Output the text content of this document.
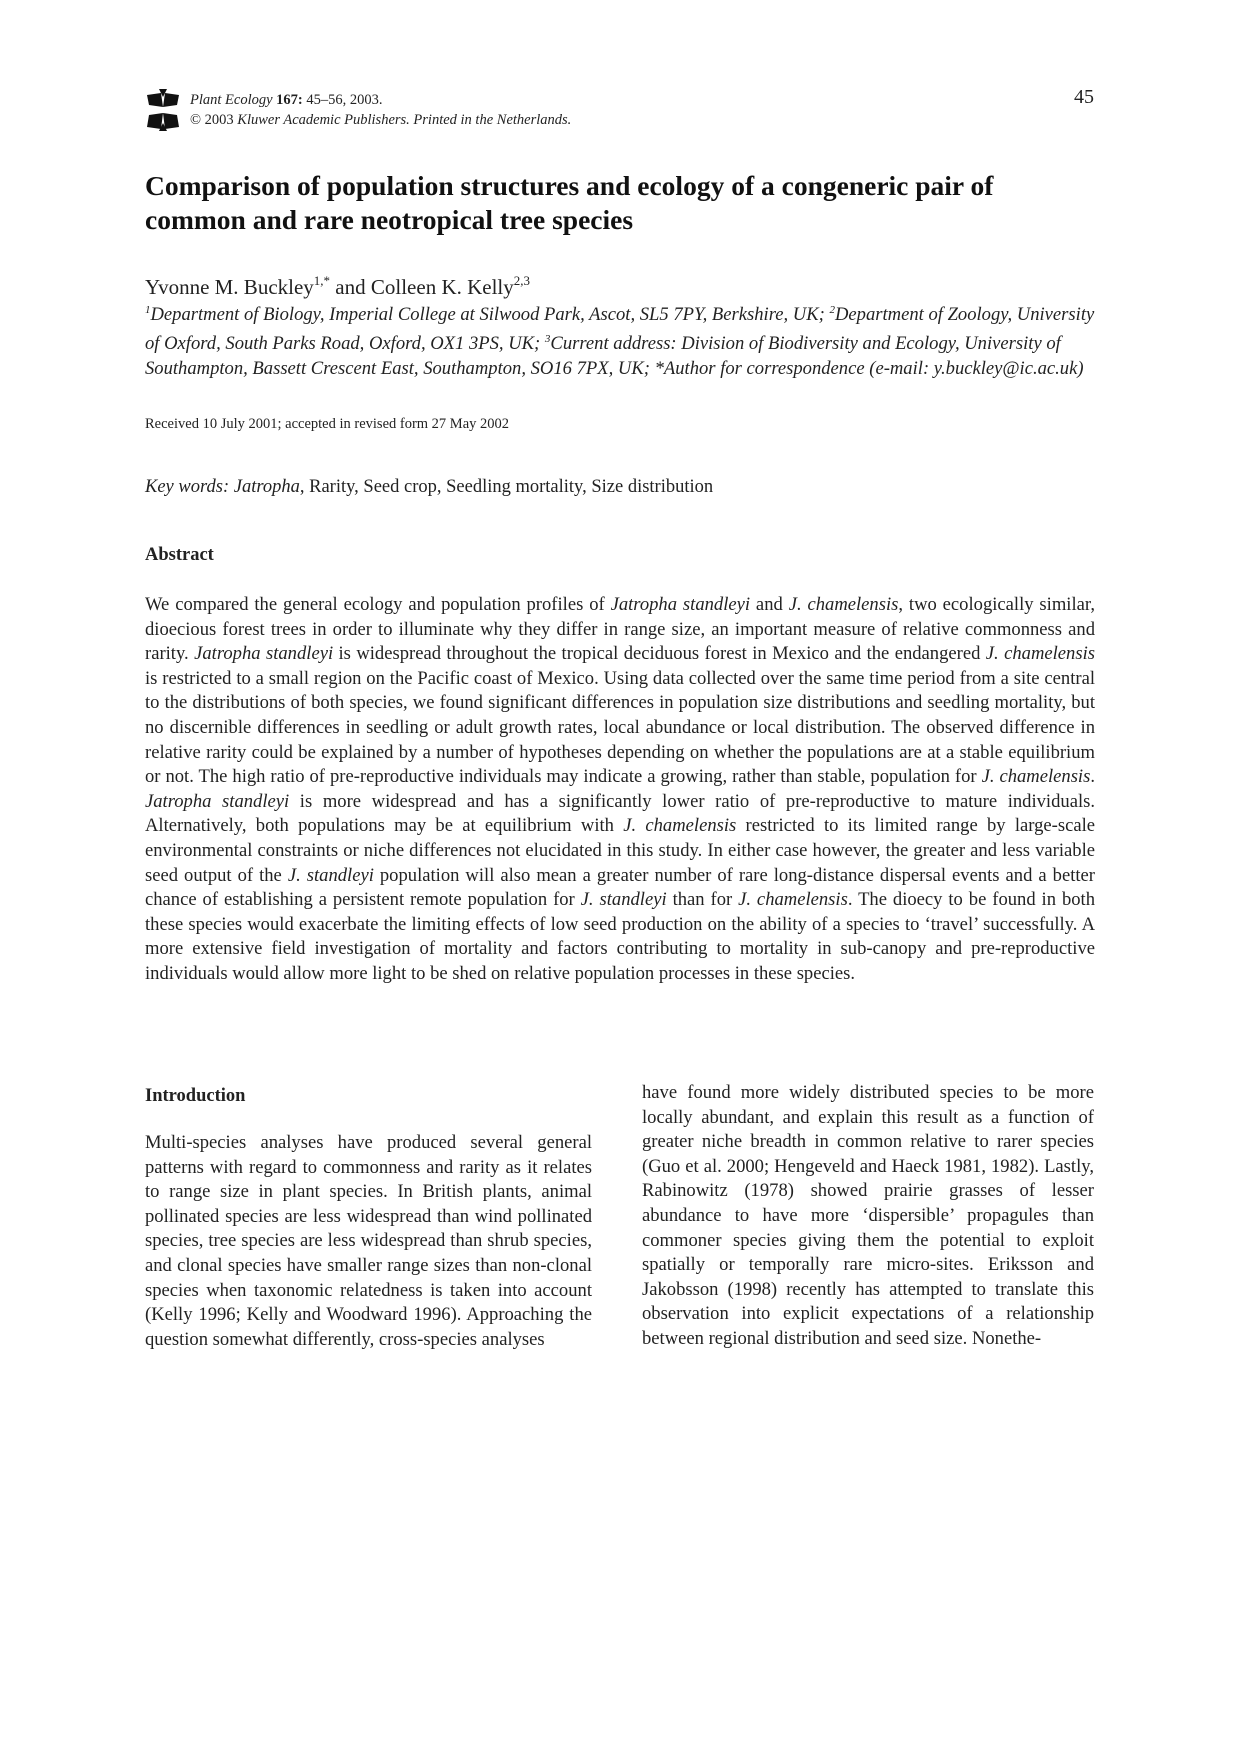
Plant Ecology 167: 45–56, 2003.
© 2003 Kluwer Academic Publishers. Printed in the Netherlands.
45
Comparison of population structures and ecology of a congeneric pair of common and rare neotropical tree species
Yvonne M. Buckley$^{1,*}$ and Colleen K. Kelly$^{2,3}$
$^1$Department of Biology, Imperial College at Silwood Park, Ascot, SL5 7PY, Berkshire, UK; $^2$Department of Zoology, University of Oxford, South Parks Road, Oxford, OX1 3PS, UK; $^3$Current address: Division of Biodiversity and Ecology, University of Southampton, Bassett Crescent East, Southampton, SO16 7PX, UK; *Author for correspondence (e-mail: y.buckley@ic.ac.uk)
Received 10 July 2001; accepted in revised form 27 May 2002
Key words: Jatropha, Rarity, Seed crop, Seedling mortality, Size distribution
Abstract

We compared the general ecology and population profiles of Jatropha standleyi and J. chamelensis, two ecologically similar, dioecious forest trees in order to illuminate why they differ in range size, an important measure of relative commonness and rarity. Jatropha standleyi is widespread throughout the tropical deciduous forest in Mexico and the endangered J. chamelensis is restricted to a small region on the Pacific coast of Mexico. Using data collected over the same time period from a site central to the distributions of both species, we found significant differences in population size distributions and seedling mortality, but no discernible differences in seedling or adult growth rates, local abundance or local distribution. The observed difference in relative rarity could be explained by a number of hypotheses depending on whether the populations are at a stable equilibrium or not. The high ratio of pre-reproductive individuals may indicate a growing, rather than stable, population for J. chamelensis. Jatropha standleyi is more widespread and has a significantly lower ratio of pre-reproductive to mature individuals. Alternatively, both populations may be at equilibrium with J. chamelensis restricted to its limited range by large-scale environmental constraints or niche differences not elucidated in this study. In either case however, the greater and less variable seed output of the J. standleyi population will also mean a greater number of rare long-distance dispersal events and a better chance of establishing a persistent remote population for J. standleyi than for J. chamelensis. The dioecy to be found in both these species would exacerbate the limiting effects of low seed production on the ability of a species to ‘travel’ successfully. A more extensive field investigation of mortality and factors contributing to mortality in sub-canopy and pre-reproductive individuals would allow more light to be shed on relative population processes in these species.

Introduction

Multi-species analyses have produced several general patterns with regard to commonness and rarity as it relates to range size in plant species. In British plants, animal pollinated species are less widespread than wind pollinated species, tree species are less widespread than shrub species, and clonal species have smaller range sizes than non-clonal species when taxonomic relatedness is taken into account (Kelly 1996; Kelly and Woodward 1996). Approaching the question somewhat differently, cross-species analyses

have found more widely distributed species to be more locally abundant, and explain this result as a function of greater niche breadth in common relative to rarer species (Guo et al. 2000; Hengeveld and Haeck 1981, 1982). Lastly, Rabinowitz (1978) showed prairie grasses of lesser abundance to have more ‘dispersible’ propagules than commoner species giving them the potential to exploit spatially or temporally rare micro-sites. Eriksson and Jakobsson (1998) recently has attempted to translate this observation into explicit expectations of a relationship between regional distribution and seed size. Nonethe-
